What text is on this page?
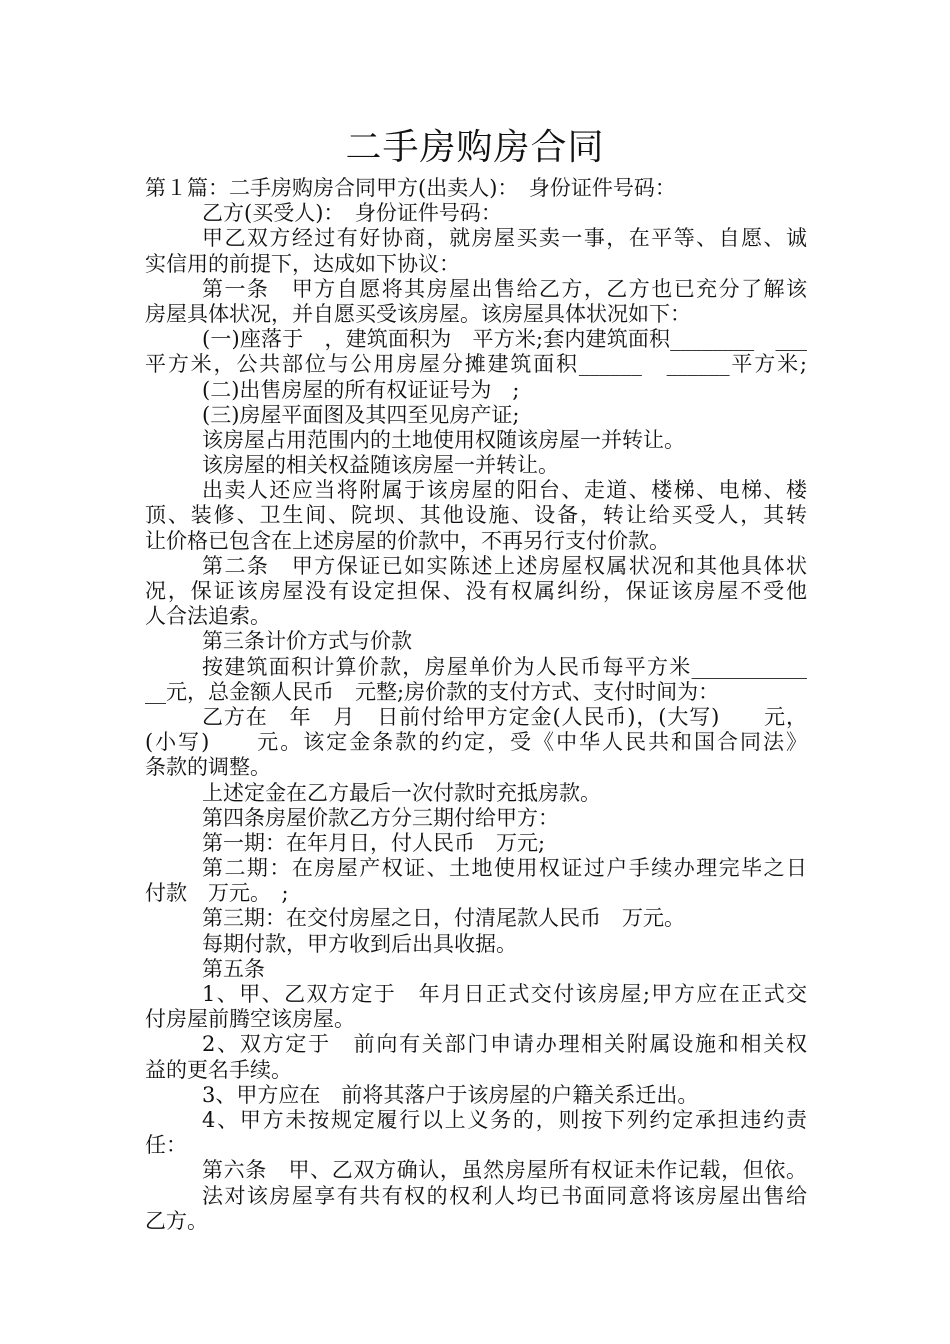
二手房购房合同

第１篇：二手房购房合同甲方(出卖人)：　身份证件号码：

乙方(买受人)：　身份证件号码：

甲乙双方经过有好协商，就房屋买卖一事，在平等、自愿、诚

实信用的前提下，达成如下协议：

第一条　甲方自愿将其房屋出售给乙方，乙方也已充分了解该

房屋具体状况，并自愿买受该房屋。该房屋具体状况如下：

(一)座落于　，建筑面积为　平方米;套内建筑面积________　___

平方米，公共部位与公用房屋分摊建筑面积______　______平方米;

(二)出售房屋的所有权证证号为　;

(三)房屋平面图及其四至见房产证;

该房屋占用范围内的土地使用权随该房屋一并转让。

该房屋的相关权益随该房屋一并转让。

出卖人还应当将附属于该房屋的阳台、走道、楼梯、电梯、楼

顶、装修、卫生间、院坝、其他设施、设备，转让给买受人，其转

让价格已包含在上述房屋的价款中，不再另行支付价款。

第二条　甲方保证已如实陈述上述房屋权属状况和其他具体状

况，保证该房屋没有设定担保、没有权属纠纷，保证该房屋不受他

人合法追索。

第三条计价方式与价款

按建筑面积计算价款，房屋单价为人民币每平方米___________

__元，总金额人民币　元整;房价款的支付方式、支付时间为：

乙方在　年　月　日前付给甲方定金(人民币)，(大写)　　元，

(小写)　　元。该定金条款的约定，受《中华人民共和国合同法》

条款的调整。

上述定金在乙方最后一次付款时充抵房款。

第四条房屋价款乙方分三期付给甲方：

第一期：在年月日，付人民币　万元;

第二期：在房屋产权证、土地使用权证过户手续办理完毕之日

付款　万元。　;

第三期：在交付房屋之日，付清尾款人民币　万元。

每期付款，甲方收到后出具收据。

第五条

1、甲、乙双方定于　年月日正式交付该房屋;甲方应在正式交

付房屋前腾空该房屋。

2、双方定于　前向有关部门申请办理相关附属设施和相关权

益的更名手续。

3、甲方应在　前将其落户于该房屋的户籍关系迁出。

4、甲方未按规定履行以上义务的，则按下列约定承担违约责

任：

第六条　甲、乙双方确认，虽然房屋所有权证未作记载，但依。

法对该房屋享有共有权的权利人均已书面同意将该房屋出售给

乙方。
